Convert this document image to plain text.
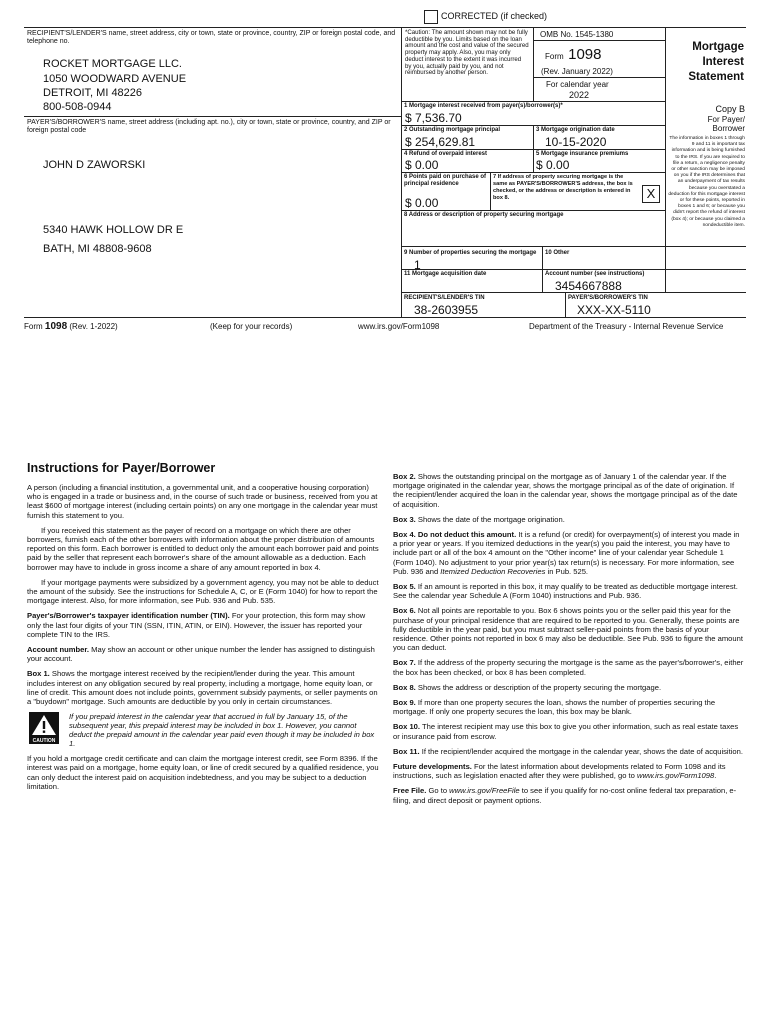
CORRECTED (if checked)
RECIPIENT'S/LENDER'S name, street address, city or town, state or province, country, ZIP or foreign postal code, and telephone no.
ROCKET MORTGAGE LLC.
1050 WOODWARD AVENUE
DETROIT, MI 48226
800-508-0944
PAYER'S/BORROWER'S name, street address (including apt. no.), city or town, state or province, country, and ZIP or foreign postal code
JOHN D ZAWORSKI
5340 HAWK HOLLOW DR E
BATH, MI 48808-9608
*Caution: The amount shown may not be fully deductible by you. Limits based on the loan amount and the cost and value of the secured property may apply. Also, you may only deduct interest to the extent it was incurred by you, actually paid by you, and not reimbursed by another person.
OMB No. 1545-1380
Form 1098
(Rev. January 2022)
For calendar year
2022
Mortgage
Interest
Statement
Copy B
For Payer/
Borrower
The information in boxes 1 through 9 and 11 is important tax information and is being furnished to the IRS. If you are required to file a return, a negligence penalty or other sanction may be imposed on you if the IRS determines that an underpayment of tax results because you overstated a deduction for this mortgage interest or for these points, reported in boxes 1 and 6; or because you didn't report the refund of interest (box 4); or because you claimed a nondeductible item.
1 Mortgage interest received from payer(s)/borrower(s)*
$ 7,536.70
2 Outstanding mortgage principal
$ 254,629.81
3 Mortgage origination date
10-15-2020
4 Refund of overpaid interest
$ 0.00
5 Mortgage insurance premiums
$ 0.00
6 Points paid on purchase of principal residence
$ 0.00
7 If address of property securing mortgage is the same as PAYER'S/BORROWER'S address, the box is checked, or the address or description is entered in box 8.	X
8 Address or description of property securing mortgage
9 Number of properties securing the mortgage
1
10 Other
11 Mortgage acquisition date	Account number (see instructions)
3454667888
RECIPIENT'S/LENDER'S TIN
38-2603955
PAYER'S/BORROWER'S TIN
XXX-XX-5110
Form 1098 (Rev. 1-2022)	(Keep for your records)	www.irs.gov/Form1098	Department of the Treasury - Internal Revenue Service
Instructions for Payer/Borrower

A person (including a financial institution, a governmental unit, and a cooperative housing corporation) who is engaged in a trade or business and, in the course of such trade or business, received from you at least $600 of mortgage interest (including certain points) on any one mortgage in the calendar year must furnish this statement to you.

If you received this statement as the payer of record on a mortgage on which there are other borrowers, furnish each of the other borrowers with information about the proper distribution of amounts reported on this form. Each borrower is entitled to deduct only the amount each borrower paid and points paid by the seller that represent each borrower's share of the amount allowable as a deduction. Each borrower may have to include in gross income a share of any amount reported in box 4.

If your mortgage payments were subsidized by a government agency, you may not be able to deduct the amount of the subsidy. See the instructions for Schedule A, C, or E (Form 1040) for how to report the mortgage interest. Also, for more information, see Pub. 936 and Pub. 535.

Payer's/Borrower's taxpayer identification number (TIN). For your protection, this form may show only the last four digits of your TIN (SSN, ITIN, ATIN, or EIN). However, the issuer has reported your complete TIN to the IRS.

Account number. May show an account or other unique number the lender has assigned to distinguish your account.

Box 1. Shows the mortgage interest received by the recipient/lender during the year. This amount includes interest on any obligation secured by real property, including a mortgage, home equity loan, or line of credit. This amount does not include points, government subsidy payments, or seller payments on a "buydown" mortgage. Such amounts are deductible by you only in certain circumstances.

CAUTION
If you prepaid interest in the calendar year that accrued in full by January 15, of the subsequent year, this prepaid interest may be included in box 1. However, you cannot deduct the prepaid amount in the calendar year paid even though it may be included in box 1.

If you hold a mortgage credit certificate and can claim the mortgage interest credit, see Form 8396. If the interest was paid on a mortgage, home equity loan, or line of credit secured by a qualified residence, you can only deduct the interest paid on acquisition indebtedness, and you may be subject to a deduction limitation.

Box 2. Shows the outstanding principal on the mortgage as of January 1 of the calendar year. If the mortgage originated in the calendar year, shows the mortgage principal as of the date of origination. If the recipient/lender acquired the loan in the calendar year, shows the mortgage principal as of the date of acquisition.

Box 3. Shows the date of the mortgage origination.

Box 4. Do not deduct this amount. It is a refund (or credit) for overpayment(s) of interest you made in a prior year or years. If you itemized deductions in the year(s) you paid the interest, you may have to include part or all of the box 4 amount on the "Other income" line of your calendar year Schedule 1 (Form 1040). No adjustment to your prior year(s) tax return(s) is necessary. For more information, see Pub. 936 and Itemized Deduction Recoveries in Pub. 525.

Box 5. If an amount is reported in this box, it may qualify to be treated as deductible mortgage interest. See the calendar year Schedule A (Form 1040) instructions and Pub. 936.

Box 6. Not all points are reportable to you. Box 6 shows points you or the seller paid this year for the purchase of your principal residence that are required to be reported to you. Generally, these points are fully deductible in the year paid, but you must subtract seller-paid points from the basis of your residence. Other points not reported in box 6 may also be deductible. See Pub. 936 to figure the amount you can deduct.

Box 7. If the address of the property securing the mortgage is the same as the payer's/borrower's, either the box has been checked, or box 8 has been completed.

Box 8. Shows the address or description of the property securing the mortgage.

Box 9. If more than one property secures the loan, shows the number of properties securing the mortgage. If only one property secures the loan, this box may be blank.

Box 10. The interest recipient may use this box to give you other information, such as real estate taxes or insurance paid from escrow.

Box 11. If the recipient/lender acquired the mortgage in the calendar year, shows the date of acquisition.

Future developments. For the latest information about developments related to Form 1098 and its instructions, such as legislation enacted after they were published, go to www.irs.gov/Form1098.

Free File. Go to www.irs.gov/FreeFile to see if you qualify for no-cost online federal tax preparation, e-filing, and direct deposit or payment options.
